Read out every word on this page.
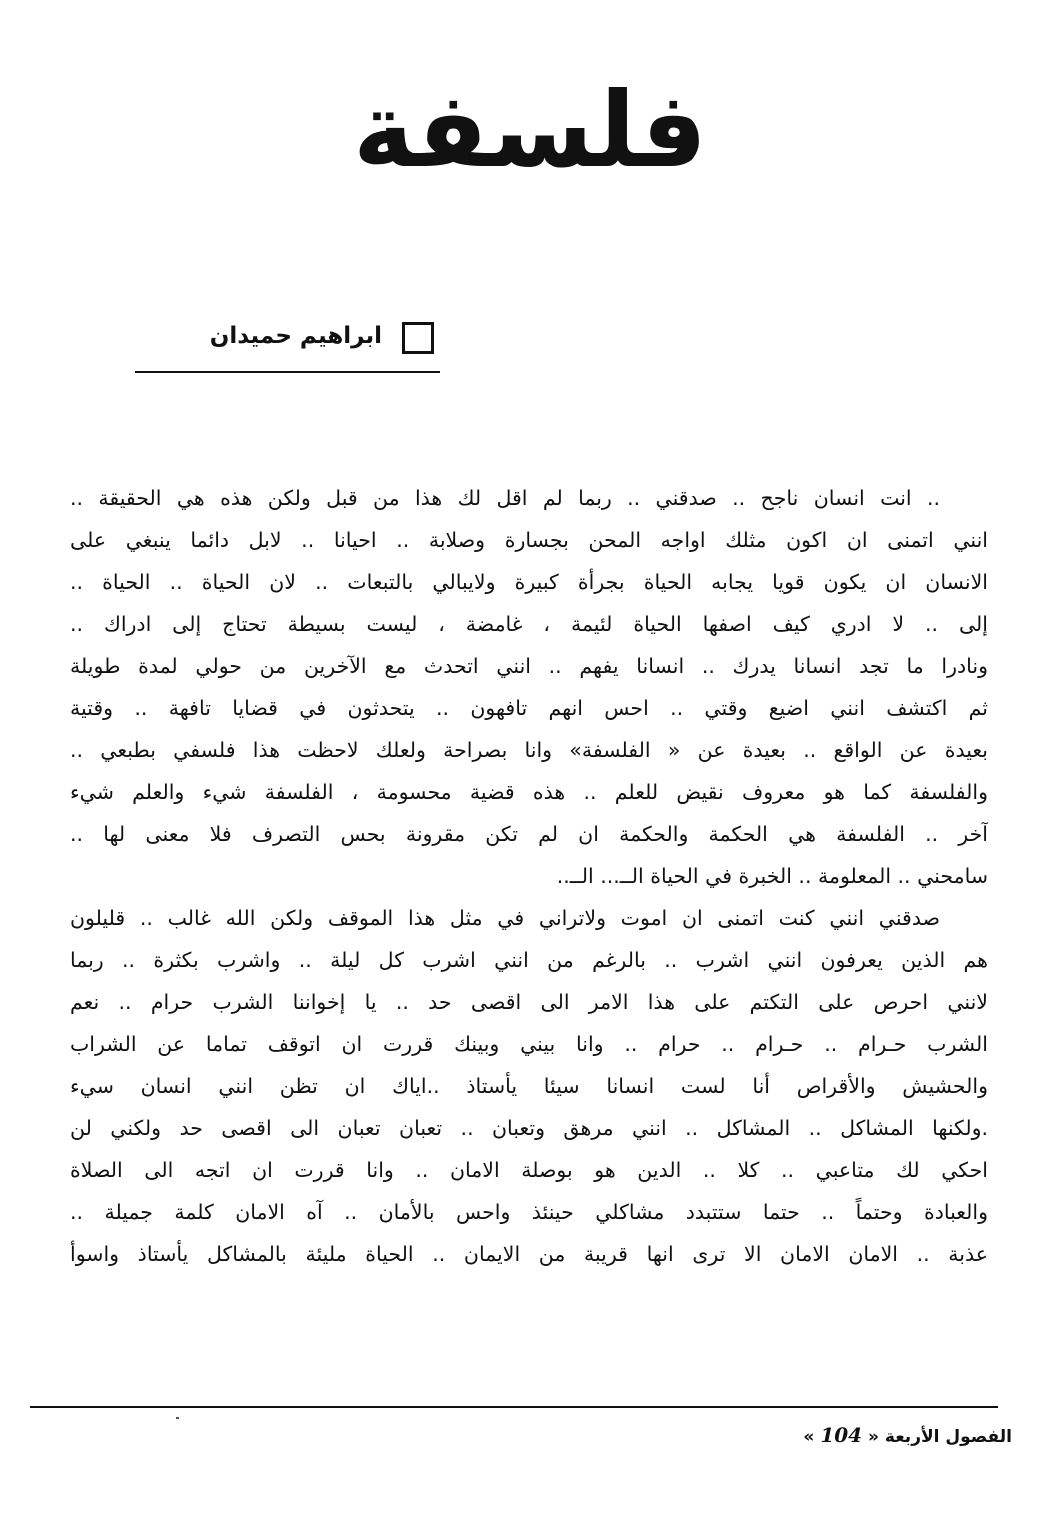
فلسفة
ابراهيم حميدان
.. انت انسان ناجح .. صدقني .. ربما لم اقل لك هذا من قبل ولكن هذه هي الحقيقة ..
انني اتمنى ان اكون مثلك اواجه المحن بجسارة وصلابة .. احيانا .. لابل دائما ينبغي على
الانسان ان يكون قويا يجابه الحياة بجرأة كبيرة ولايبالي بالتبعات .. لان الحياة .. الحياة ..
إلى .. لا ادري كيف اصفها الحياة لئيمة ، غامضة ، ليست بسيطة تحتاج إلى ادراك ..
ونادرا ما تجد انسانا يدرك .. انسانا يفهم .. انني اتحدث مع الآخرين من حولي لمدة طويلة
ثم اكتشف انني اضيع وقتي .. احس انهم تافهون .. يتحدثون في قضايا تافهة .. وقتية
بعيدة عن الواقع .. بعيدة عن « الفلسفة» وانا بصراحة ولعلك لاحظت هذا فلسفي بطبعي ..
والفلسفة كما هو معروف نقيض للعلم .. هذه قضية محسومة ، الفلسفة شيء والعلم شيء
آخر .. الفلسفة هي الحكمة والحكمة ان لم تكن مقرونة بحس التصرف فلا معنى لها ..
سامحني .. المعلومة .. الخبرة في الحياة الــ... الــ..
صدقني انني كنت اتمنى ان اموت ولاتراني في مثل هذا الموقف ولكن الله غالب .. قليلون
هم الذين يعرفون انني اشرب .. بالرغم من انني اشرب كل ليلة .. واشرب بكثرة .. ربما
لانني احرص على التكتم على هذا الامر الى اقصى حد .. يا إخواننا الشرب حرام .. نعم
الشرب حـرام .. حـرام .. حرام .. وانا بيني وبينك قررت ان اتوقف تماما عن الشراب
والحشيش والأقراص أنا لست انسانا سيئا يأستاذ ..اياك ان تظن انني انسان سيء
.ولكنها المشاكل .. المشاكل .. انني مرهق وتعبان .. تعبان تعبان الى اقصى حد ولكني لن
احكي لك متاعبي .. كلا .. الدين هو بوصلة الامان .. وانا قررت ان اتجه الى الصلاة
والعبادة وحتماً .. حتما ستتبدد مشاكلي حينئذ واحس بالأمان .. آه الامان كلمة جميلة ..
عذبة .. الامان الامان الا ترى انها قريبة من الايمان .. الحياة مليئة بالمشاكل يأستاذ واسوأ
الفصول الأربعة « 104 »
